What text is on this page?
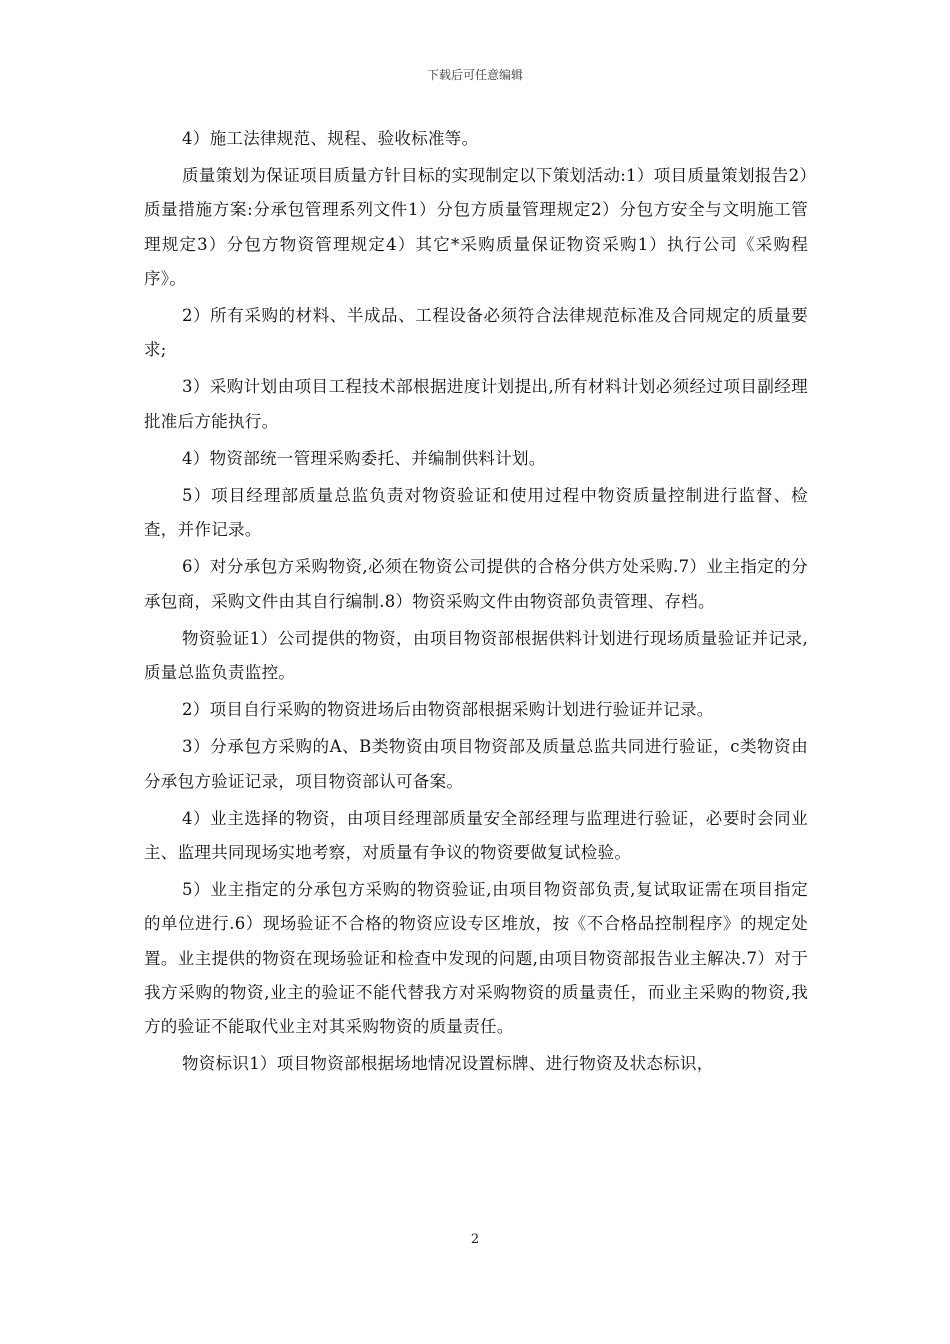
下载后可任意编辑

4）施工法律规范、规程、验收标准等。

质量策划为保证项目质量方针目标的实现制定以下策划活动:1）项目质量策划报告2）质量措施方案:分承包管理系列文件1）分包方质量管理规定2）分包方安全与文明施工管理规定3）分包方物资管理规定4）其它*采购质量保证物资采购1）执行公司《采购程序》。

2）所有采购的材料、半成品、工程设备必须符合法律规范标准及合同规定的质量要求;

3）采购计划由项目工程技术部根据进度计划提出,所有材料计划必须经过项目副经理批准后方能执行。

4）物资部统一管理采购委托、并编制供料计划。

5）项目经理部质量总监负责对物资验证和使用过程中物资质量控制进行监督、检查，并作记录。

6）对分承包方采购物资,必须在物资公司提供的合格分供方处采购.7）业主指定的分承包商，采购文件由其自行编制.8）物资采购文件由物资部负责管理、存档。

物资验证1）公司提供的物资，由项目物资部根据供料计划进行现场质量验证并记录,质量总监负责监控。

2）项目自行采购的物资进场后由物资部根据采购计划进行验证并记录。

3）分承包方采购的A、B类物资由项目物资部及质量总监共同进行验证，c类物资由分承包方验证记录，项目物资部认可备案。

4）业主选择的物资，由项目经理部质量安全部经理与监理进行验证，必要时会同业主、监理共同现场实地考察，对质量有争议的物资要做复试检验。

5）业主指定的分承包方采购的物资验证,由项目物资部负责,复试取证需在项目指定的单位进行.6）现场验证不合格的物资应设专区堆放，按《不合格品控制程序》的规定处置。业主提供的物资在现场验证和检查中发现的问题,由项目物资部报告业主解决.7）对于我方采购的物资,业主的验证不能代替我方对采购物资的质量责任，而业主采购的物资,我方的验证不能取代业主对其采购物资的质量责任。

物资标识1）项目物资部根据场地情况设置标牌、进行物资及状态标识，

2
